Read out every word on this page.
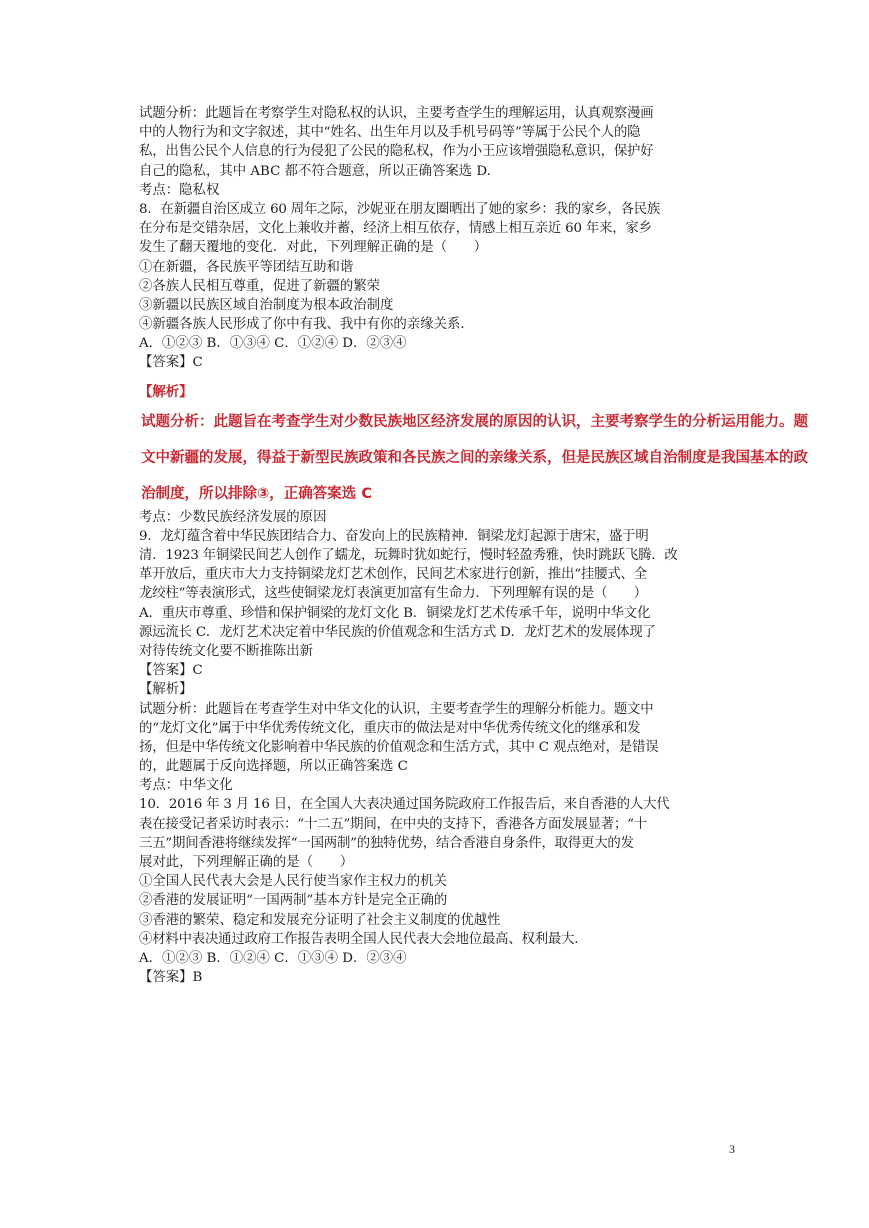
试题分析：此题旨在考察学生对隐私权的认识，主要考查学生的理解运用，认真观察漫画
中的人物行为和文字叙述，其中“姓名、出生年月以及手机号码等”等属于公民个人的隐
私，出售公民个人信息的行为侵犯了公民的隐私权，作为小王应该增强隐私意识，保护好
自己的隐私，其中 ABC 都不符合题意，所以正确答案选 D.
考点：隐私权
8．在新疆自治区成立 60 周年之际，沙妮亚在朋友圈晒出了她的家乡：我的家乡，各民族
在分布是交错杂居，文化上兼收并蓄，经济上相互依存，情感上相互亲近 60 年来，家乡
发生了翻天覆地的变化．对此，下列理解正确的是（　　）
①在新疆，各民族平等团结互助和谐
②各族人民相互尊重，促进了新疆的繁荣
③新疆以民族区域自治制度为根本政治制度
④新疆各族人民形成了你中有我、我中有你的亲缘关系.
A．①②③ B．①③④ C．①②④ D．②③④
【答案】C
【解析】
试题分析：此题旨在考查学生对少数民族地区经济发展的原因的认识，主要考察学生的分析运用能力。题
文中新疆的发展，得益于新型民族政策和各民族之间的亲缘关系，但是民族区域自治制度是我国基本的政
治制度，所以排除③，正确答案选 C
考点：少数民族经济发展的原因
9．龙灯蕴含着中华民族团结合力、奋发向上的民族精神．铜梁龙灯起源于唐宋，盛于明
清．1923 年铜梁民间艺人创作了蠕龙，玩舞时犹如蛇行，慢时轻盈秀雅，快时跳跃飞腾．改
革开放后，重庆市大力支持铜梁龙灯艺术创作，民间艺术家进行创新，推出“挂腰式、全
龙绞柱”等表演形式，这些使铜梁龙灯表演更加富有生命力．下列理解有误的是（　　）
A．重庆市尊重、珍惜和保护铜梁的龙灯文化 B．铜梁龙灯艺术传承千年，说明中华文化
源远流长 C．龙灯艺术决定着中华民族的价值观念和生活方式 D．龙灯艺术的发展体现了
对待传统文化要不断推陈出新
【答案】C
【解析】
试题分析：此题旨在考查学生对中华文化的认识，主要考查学生的理解分析能力。题文中
的“龙灯文化”属于中华优秀传统文化，重庆市的做法是对中华优秀传统文化的继承和发
扬，但是中华传统文化影响着中华民族的价值观念和生活方式，其中 C 观点绝对，是错误
的，此题属于反向选择题，所以正确答案选 C
考点：中华文化
10．2016 年 3 月 16 日，在全国人大表决通过国务院政府工作报告后，来自香港的人大代
表在接受记者采访时表示：“十二五”期间，在中央的支持下，香港各方面发展显著；“十
三五”期间香港将继续发挥“一国两制”的独特优势，结合香港自身条件，取得更大的发
展对此，下列理解正确的是（　　）
①全国人民代表大会是人民行使当家作主权力的机关
②香港的发展证明“一国两制”基本方针是完全正确的
③香港的繁荣、稳定和发展充分证明了社会主义制度的优越性
④材料中表决通过政府工作报告表明全国人民代表大会地位最高、权利最大.
A．①②③ B．①②④ C．①③④ D．②③④
【答案】B
3
